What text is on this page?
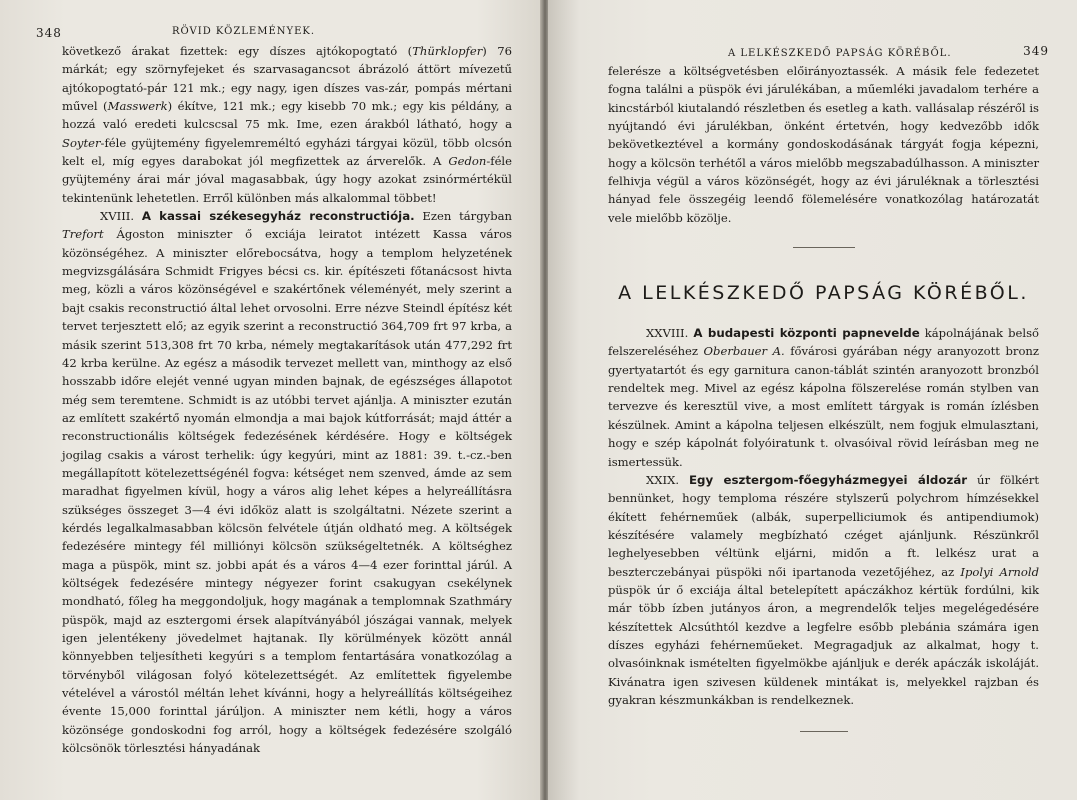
348	RÖVID KÖZLEMÉNYEK.

következő árakat fizettek: egy díszes ajtókopogtató (Thürklopfer) 76 márkát; egy szörnyfejeket és szarvasagancsot ábrázoló áttört mívezetű ajtókopogtató-pár 121 mk.; egy nagy, igen díszes vas-zár, pompás mértani művel (Masswerk) ékítve, 121 mk.; egy kisebb 70 mk.; egy kis példány, a hozzá való eredeti kulcscsal 75 mk. Ime, ezen árakból látható, hogy a Soyter-féle gyüjtemény figyelemreméltó egyházi tárgyai közül, több olcsón kelt el, míg egyes darabokat jól megfizettek az árverelők. A Gedon-féle gyüjtemény árai már jóval magasabbak, úgy hogy azokat zsinórmértékül tekintenünk lehetetlen. Erről különben más alkalommal többet!

XVIII. A kassai székesegyház reconstructiója. Ezen tárgyban Trefort Ágoston miniszter ő exciája leiratot intézett Kassa város közönségéhez. A miniszter előrebocsátva, hogy a templom helyzetének megvizsgálására Schmidt Frigyes bécsi cs. kir. építészeti főtanácsost hivta meg, közli a város közönségével e szakértőnek véleményét, mely szerint a bajt csakis reconstructió által lehet orvosolni. Erre nézve Steindl építész két tervet terjesztett elő; az egyik szerint a reconstructió 364,709 frt 97 krba, a másik szerint 513,308 frt 70 krba, némely megtakarítások után 477,292 frt 42 krba kerülne. Az egész a második tervezet mellett van, minthogy az első hosszabb időre elejét venné ugyan minden bajnak, de egészséges állapotot még sem teremtene. Schmidt is az utóbbi tervet ajánlja. A miniszter ezután az említett szakértő nyomán elmondja a mai bajok kútforrását; majd áttér a reconstructionális költségek fedezésének kérdésére. Hogy e költségek jogilag csakis a várost terhelik: úgy kegyúri, mint az 1881: 39. t.-cz.-ben megállapított kötelezettségénél fogva: kétséget nem szenved, ámde az sem maradhat figyelmen kívül, hogy a város alig lehet képes a helyreállításra szükséges összeget 3—4 évi időköz alatt is szolgáltatni. Nézete szerint a kérdés legalkalmasabban kölcsön felvétele útján oldható meg. A költségek fedezésére mintegy fél milliónyi kölcsön szükségeltetnék. A költséghez maga a püspök, mint sz. jobbi apát és a város 4—4 ezer forinttal járúl. A költségek fedezésére mintegy négyezer forint csakugyan csekélynek mondható, főleg ha meggondoljuk, hogy magának a templomnak Szathmáry püspök, majd az esztergomi érsek alapítványából jószágai vannak, melyek igen jelentékeny jövedelmet hajtanak. Ily körülmények között annál könnyebben teljesítheti kegyúri s a templom fentartására vonatkozólag a törvényből világosan folyó kötelezettségét. Az említettek figyelembe vételével a várostól méltán lehet kívánni, hogy a helyreállítás költségeihez évente 15,000 forinttal járúljon. A miniszter nem kétli, hogy a város közönsége gondoskodni fog arról, hogy a költségek fedezésére szolgáló kölcsönök törlesztési hányadának

A LELKÉSZKEDŐ PAPSÁG KÖRÉBŐL.	349

felerésze a költségvetésben előirányoztassék. A másik fele fedezetet fogna találni a püspök évi járulékában, a műemléki javadalom terhére a kincstárból kiutalandó részletben és esetleg a kath. vallásalap részéről is nyújtandó évi járulékban, önként értetvén, hogy kedvezőbb idők bekövetkeztével a kormány gondoskodásának tárgyát fogja képezni, hogy a kölcsön terhétől a város mielőbb megszabadúlhasson. A miniszter felhivja végül a város közönségét, hogy az évi járuléknak a törlesztési hányad fele összegéig leendő fölemelésére vonatkozólag határozatát vele mielőbb közölje.

A LELKÉSZKEDŐ PAPSÁG KÖRÉBŐL.

XXVIII. A budapesti központi papnevelde kápolnájának belső felszereléséhez Oberbauer A. fővárosi gyárában négy aranyozott bronz gyertyatartót és egy garnitura canon-táblát szintén aranyozott bronzból rendeltek meg. Mivel az egész kápolna fölszerelése román stylben van tervezve és keresztül vive, a most említett tárgyak is román ízlésben készülnek. Amint a kápolna teljesen elkészült, nem fogjuk elmulasztani, hogy e szép kápolnát folyóiratunk t. olvasóival rövid leírásban meg ne ismertessük.

XXIX. Egy esztergom-főegyházmegyei áldozár úr fölkért bennünket, hogy temploma részére stylszerű polychrom hímzésekkel ékített fehérneműek (albák, superpelliciumok és antipendiumok) készítésére valamely megbízható czéget ajánljunk. Részünkről leghelyesebben véltünk eljárni, midőn a ft. lelkész urat a beszterczebányai püspöki női ipartanoda vezetőjéhez, az Ipolyi Arnold püspök úr ő exciája által betelepített apáczákhoz kértük fordúlni, kik már több ízben jutányos áron, a megrendelők teljes megelégedésére készítettek Alcsúthtól kezdve a legfelre esőbb plebánia számára igen díszes egyházi fehérneműeket. Megragadjuk az alkalmat, hogy t. olvasóinknak ismételten figyelmökbe ajánljuk e derék apáczák iskoláját. Kivánatra igen szivesen küldenek mintákat is, melyekkel rajzban és gyakran készmunkákban is rendelkeznek.
